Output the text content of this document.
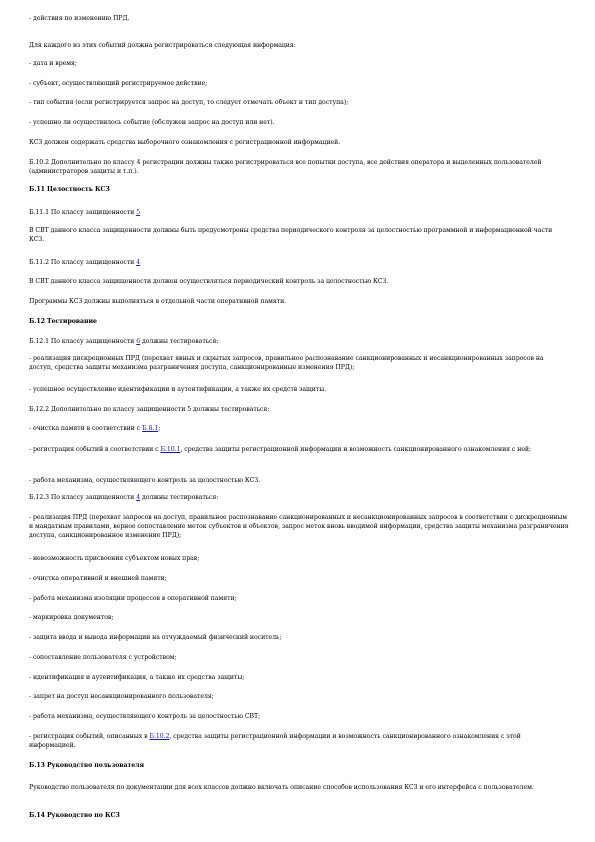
- действия по изменению ПРД.
Для каждого из этих событий должна регистрироваться следующая информация:
- дата и время;
- субъект, осуществляющий регистрируемое действие;
- тип события (если регистрируется запрос на доступ, то следует отмечать объект и тип доступа);
- успешно ли осуществилось событие (обслужен запрос на доступ или нет).
КСЗ должен содержать средства выборочного ознакомления с регистрационной информацией.
Б.10.2 Дополнительно по классу 4 регистрации должны также регистрироваться все попытки доступа, все действия оператора и выделенных пользователей (администраторов защиты и т.п.).
Б.11 Целостность КСЗ
Б.11.1 По классу защищенности 5
В СВТ данного класса защищенности должны быть предусмотрены средства периодического контроля за целостностью программной и информационной части КСЗ.
Б.11.2 По классу защищенности 4
В СВТ данного класса защищенности должен осуществляться периодический контроль за целостностью КСЗ.
Программы КСЗ должны выполняться в отдельной части оперативной памяти.
Б.12 Тестирование
Б.12.1 По классу защищенности 6 должны тестироваться:
- реализация дискреционных ПРД (перехват явных и скрытых запросов, правильное распознавание санкционированных и несанкционированных запросов на доступ, средства защиты механизма разграничения доступа, санкционированные изменения ПРД);
- успешное осуществление идентификации и аутентификации, а также их средств защиты.
Б.12.2 Дополнительно по классу защищенности 5 должны тестироваться:
- очистка памяти в соответствии с Б.8.1;
- регистрация событий в соответствии с Б.10.1, средства защиты регистрационной информации и возможность санкционированного ознакомления с ней;
- работа механизма, осуществляющего контроль за целостностью КСЗ.
Б.12.3 По классу защищенности 4 должны тестироваться:
- реализация ПРД (перехват запросов на доступ, правильное распознавание санкционированных и несанкционированных запросов в соответствии с дискреционным и мандатным правилами, верное сопоставление меток субъектов и объектов, запрос меток вновь вводимой информации, средства защиты механизма разграничения доступа, санкционированное изменение ПРД);
- невозможность присвоения субъектом новых прав;
- очистка оперативной и внешней памяти;
- работа механизма изоляции процессов в оперативной памяти;
- маркировка документов;
- защита ввода и вывода информации на отчуждаемый физический носитель;
- сопоставление пользователя с устройством;
- идентификация и аутентификация, а также их средства защиты;
- запрет на доступ несанкционированного пользователя;
- работа механизма, осуществляющего контроль за целостностью СВТ;
- регистрация событий, описанных в Б.10.2, средства защиты регистрационной информации и возможность санкционированного ознакомления с этой информацией.
Б.13 Руководство пользователя
Руководство пользователя по документации для всех классов должно включать описание способов использования КСЗ и его интерфейса с пользователем.
Б.14 Руководство по КСЗ
